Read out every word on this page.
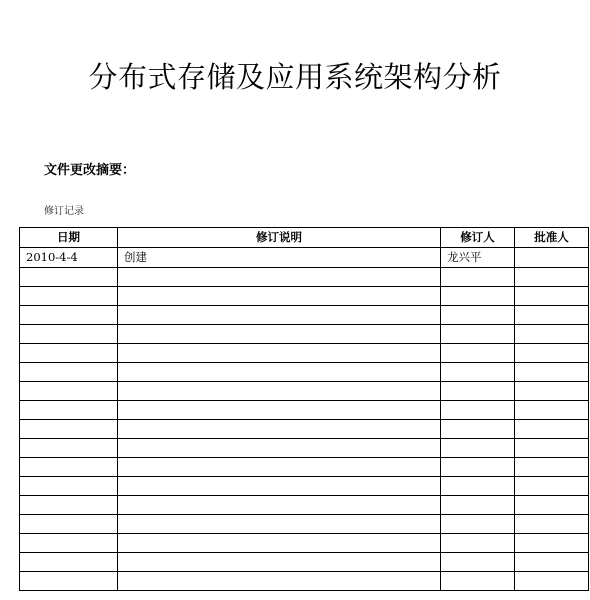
分布式存储及应用系统架构分析
文件更改摘要：
修订记录
日期	修订说明	修订人	批准人
2010-4-4	创建	龙兴平	
